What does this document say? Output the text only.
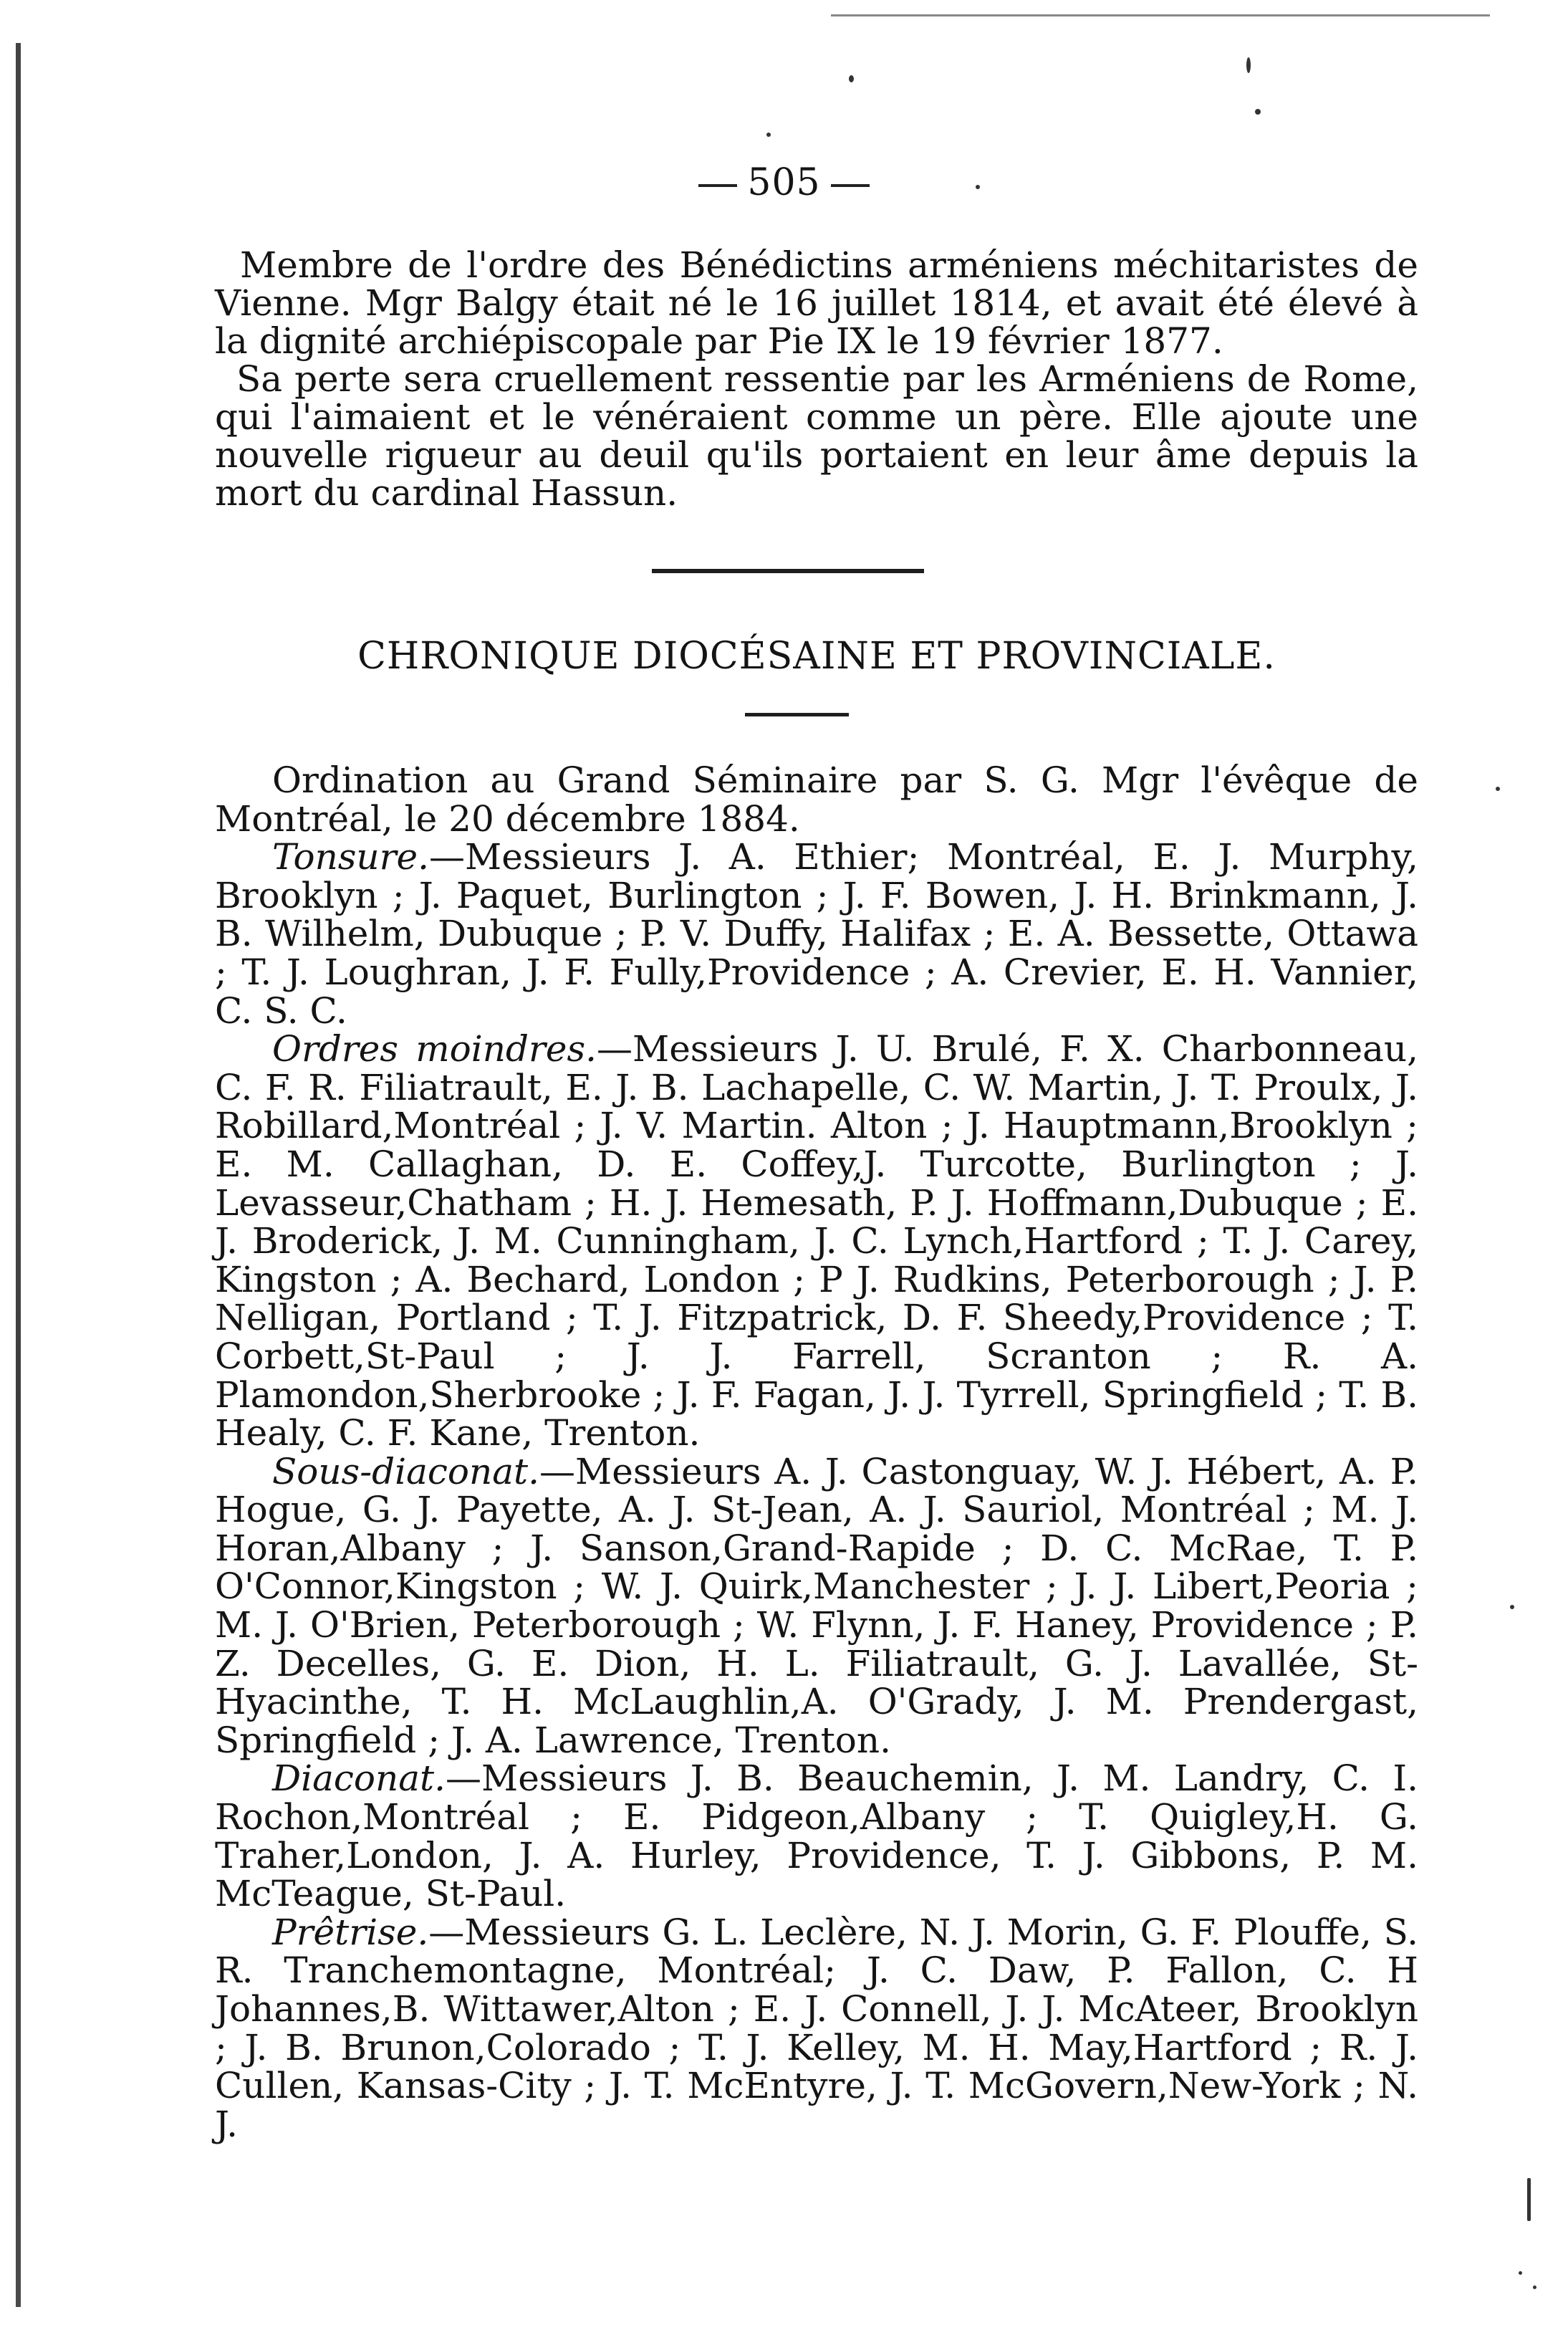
505

Membre de l'ordre des Bénédictins arméniens méchitaristes de Vienne. Mgr Balgy était né le 16 juillet 1814, et avait été élevé à la dignité archiépiscopale par Pie IX le 19 février 1877.

Sa perte sera cruellement ressentie par les Arméniens de Rome, qui l'aimaient et le vénéraient comme un père. Elle ajoute une nouvelle rigueur au deuil qu'ils portaient en leur âme depuis la mort du cardinal Hassun.

CHRONIQUE DIOCÉSAINE ET PROVINCIALE.

Ordination au Grand Séminaire par S. G. Mgr l'évêque de Montréal, le 20 décembre 1884.

Tonsure.—Messieurs J. A. Ethier; Montréal, E. J. Murphy, Brooklyn ; J. Paquet, Burlington ; J. F. Bowen, J. H. Brinkmann, J. B. Wilhelm, Dubuque ; P. V. Duffy, Halifax ; E. A. Bessette, Ottawa ; T. J. Loughran, J. F. Fully,Providence ; A. Crevier, E. H. Vannier, C. S. C.

Ordres moindres.—Messieurs J. U. Brulé, F. X. Charbonneau, C. F. R. Filiatrault, E. J. B. Lachapelle, C. W. Martin, J. T. Proulx, J. Robillard,Montréal ; J. V. Martin. Alton ; J. Hauptmann,Brooklyn ; E. M. Callaghan, D. E. Coffey,J. Turcotte, Burlington ; J. Levasseur,Chatham ; H. J. Hemesath, P. J. Hoffmann,Dubuque ; E. J. Broderick, J. M. Cunningham, J. C. Lynch,Hartford ; T. J. Carey, Kingston ; A. Bechard, London ; P J. Rudkins, Peterborough ; J. P. Nelligan, Portland ; T. J. Fitzpatrick, D. F. Sheedy,Providence ; T. Corbett,St-Paul ; J. J. Farrell, Scranton ; R. A. Plamondon,Sherbrooke ; J. F. Fagan, J. J. Tyrrell, Springfield ; T. B. Healy, C. F. Kane, Trenton.

Sous-diaconat.—Messieurs A. J. Castonguay, W. J. Hébert, A. P. Hogue, G. J. Payette, A. J. St-Jean, A. J. Sauriol, Montréal ; M. J. Horan,Albany ; J. Sanson,Grand-Rapide ; D. C. McRae, T. P. O'Connor,Kingston ; W. J. Quirk,Manchester ; J. J. Libert,Peoria ; M. J. O'Brien, Peterborough ; W. Flynn, J. F. Haney, Providence ; P. Z. Decelles, G. E. Dion, H. L. Filiatrault, G. J. Lavallée, St-Hyacinthe, T. H. McLaughlin,A. O'Grady, J. M. Prendergast, Springfield ; J. A. Lawrence, Trenton.

Diaconat.—Messieurs J. B. Beauchemin, J. M. Landry, C. I. Rochon,Montréal ; E. Pidgeon,Albany ; T. Quigley,H. G. Traher,London, J. A. Hurley, Providence, T. J. Gibbons, P. M. McTeague, St-Paul.

Prêtrise.—Messieurs G. L. Leclère, N. J. Morin, G. F. Plouffe, S. R. Tranchemontagne, Montréal; J. C. Daw, P. Fallon, C. H Johannes,B. Wittawer,Alton ; E. J. Connell, J. J. McAteer, Brooklyn ; J. B. Brunon,Colorado ; T. J. Kelley, M. H. May,Hartford ; R. J. Cullen, Kansas-City ; J. T. McEntyre, J. T. McGovern,New-York ; N. J.
